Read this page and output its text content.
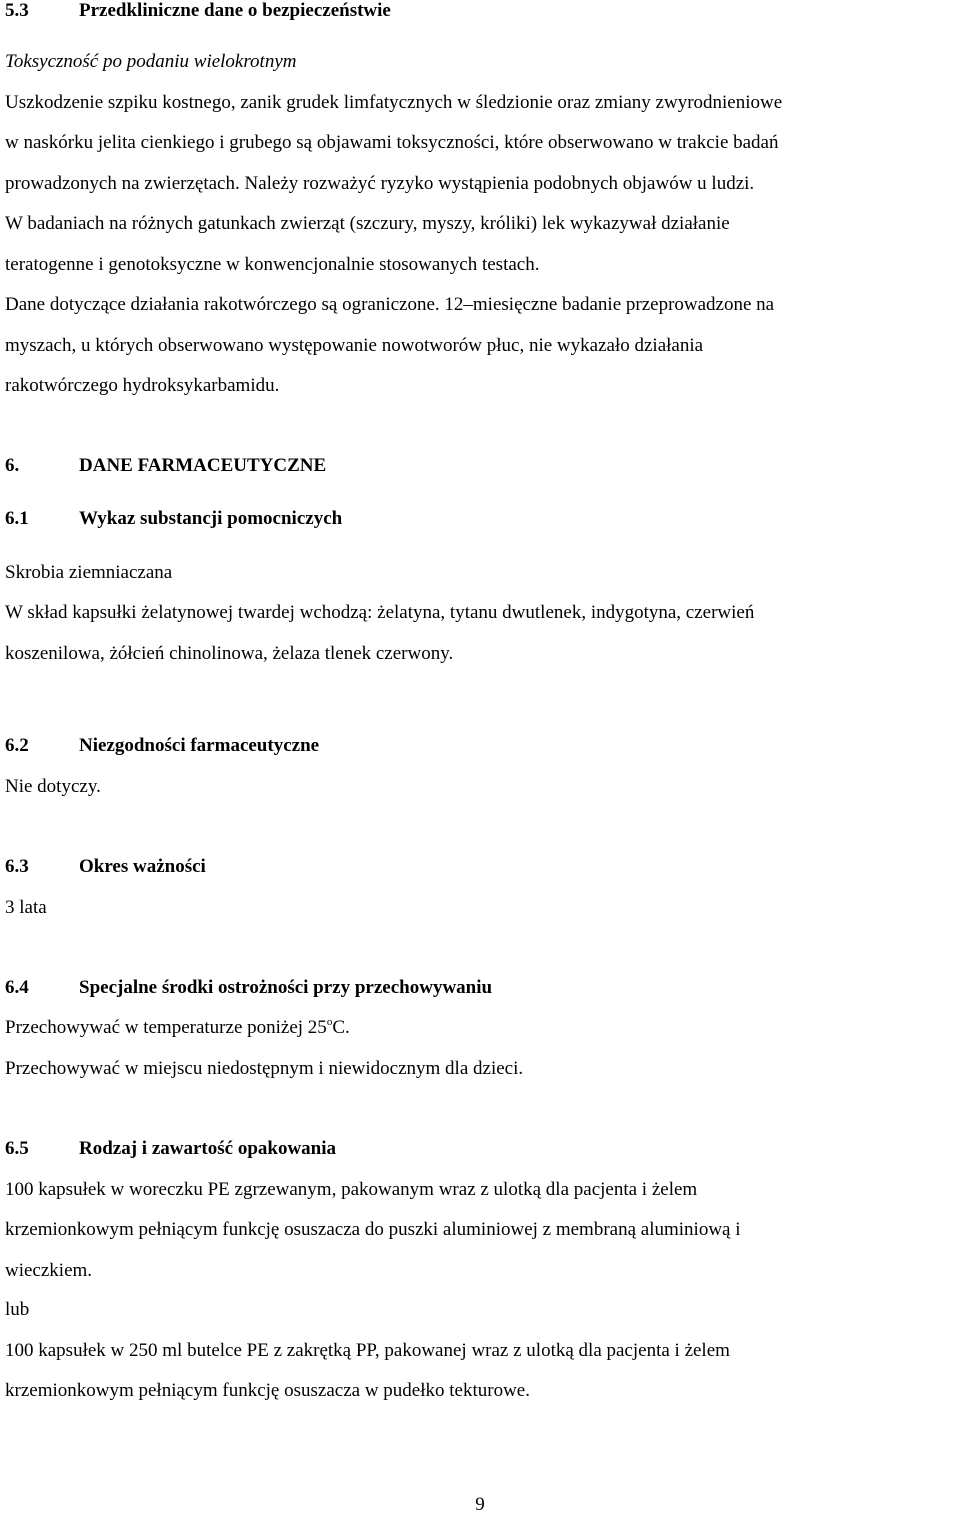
5.3	Przedkliniczne dane o bezpieczeństwie
Toksyczność po podaniu wielokrotnym
Uszkodzenie szpiku kostnego, zanik grudek limfatycznych w śledzionie oraz zmiany zwyrodnieniowe
w naskórku jelita cienkiego i grubego są objawami toksyczności, które obserwowano w trakcie badań
prowadzonych na zwierzętach. Należy rozważyć ryzyko wystąpienia podobnych objawów u ludzi.
W badaniach na różnych gatunkach zwierząt (szczury, myszy, króliki) lek wykazywał działanie
teratogenne i genotoksyczne w konwencjonalnie stosowanych testach.
Dane dotyczące działania rakotwórczego są ograniczone. 12–miesięczne badanie przeprowadzone na
myszach, u których obserwowano występowanie nowotworów płuc, nie wykazało działania
rakotwórczego hydroksykarbamidu.
6.	DANE FARMACEUTYCZNE
6.1	Wykaz substancji pomocniczych
Skrobia ziemniaczana
W skład kapsułki żelatynowej twardej wchodzą: żelatyna, tytanu dwutlenek, indygotyna, czerwień
koszenilowa, żółcień chinolinowa, żelaza tlenek czerwony.
6.2	Niezgodności farmaceutyczne
Nie dotyczy.
6.3	Okres ważności
3 lata
6.4	Specjalne środki ostrożności przy przechowywaniu
Przechowywać w temperaturze poniżej 25$^o$C.
Przechowywać w miejscu niedostępnym i niewidocznym dla dzieci.
6.5	Rodzaj i zawartość opakowania
100 kapsułek w woreczku PE zgrzewanym, pakowanym wraz z ulotką dla pacjenta i żelem
krzemionkowym pełniącym funkcję osuszacza do puszki aluminiowej z membraną aluminiową i
wieczkiem.
lub
100 kapsułek w 250 ml butelce PE z zakrętką PP, pakowanej wraz z ulotką dla pacjenta i żelem
krzemionkowym pełniącym funkcję osuszacza w pudełko tekturowe.
9
